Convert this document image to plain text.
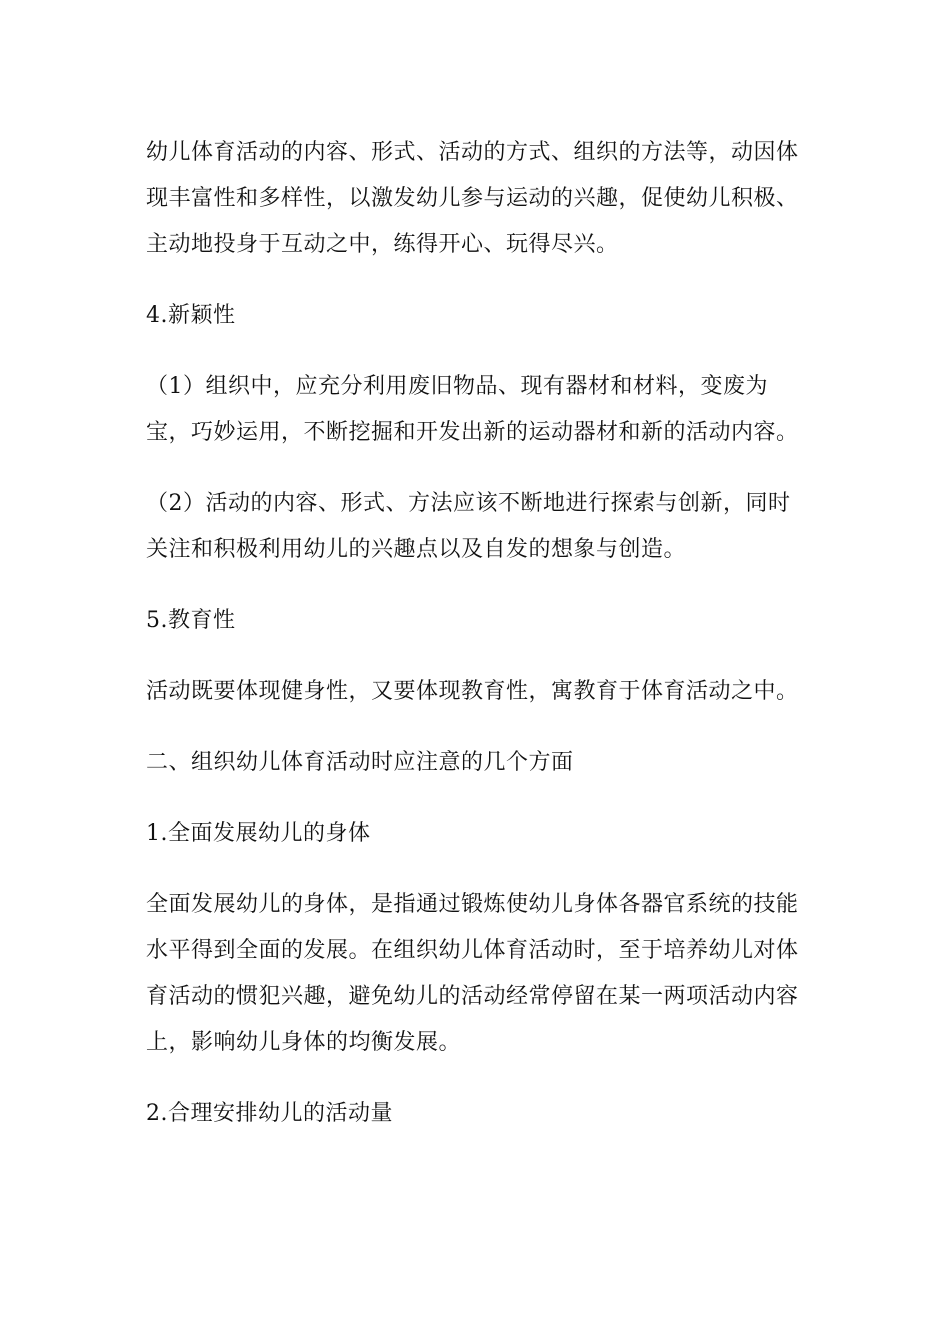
幼儿体育活动的内容、形式、活动的方式、组织的方法等，动因体现丰富性和多样性，以激发幼儿参与运动的兴趣，促使幼儿积极、主动地投身于互动之中，练得开心、玩得尽兴。

4.新颖性

（1）组织中，应充分利用废旧物品、现有器材和材料，变废为宝，巧妙运用，不断挖掘和开发出新的运动器材和新的活动内容。

（2）活动的内容、形式、方法应该不断地进行探索与创新，同时关注和积极利用幼儿的兴趣点以及自发的想象与创造。

5.教育性

活动既要体现健身性，又要体现教育性，寓教育于体育活动之中。

二、组织幼儿体育活动时应注意的几个方面

1.全面发展幼儿的身体

全面发展幼儿的身体，是指通过锻炼使幼儿身体各器官系统的技能水平得到全面的发展。在组织幼儿体育活动时，至于培养幼儿对体育活动的惯犯兴趣，避免幼儿的活动经常停留在某一两项活动内容上，影响幼儿身体的均衡发展。

2.合理安排幼儿的活动量
